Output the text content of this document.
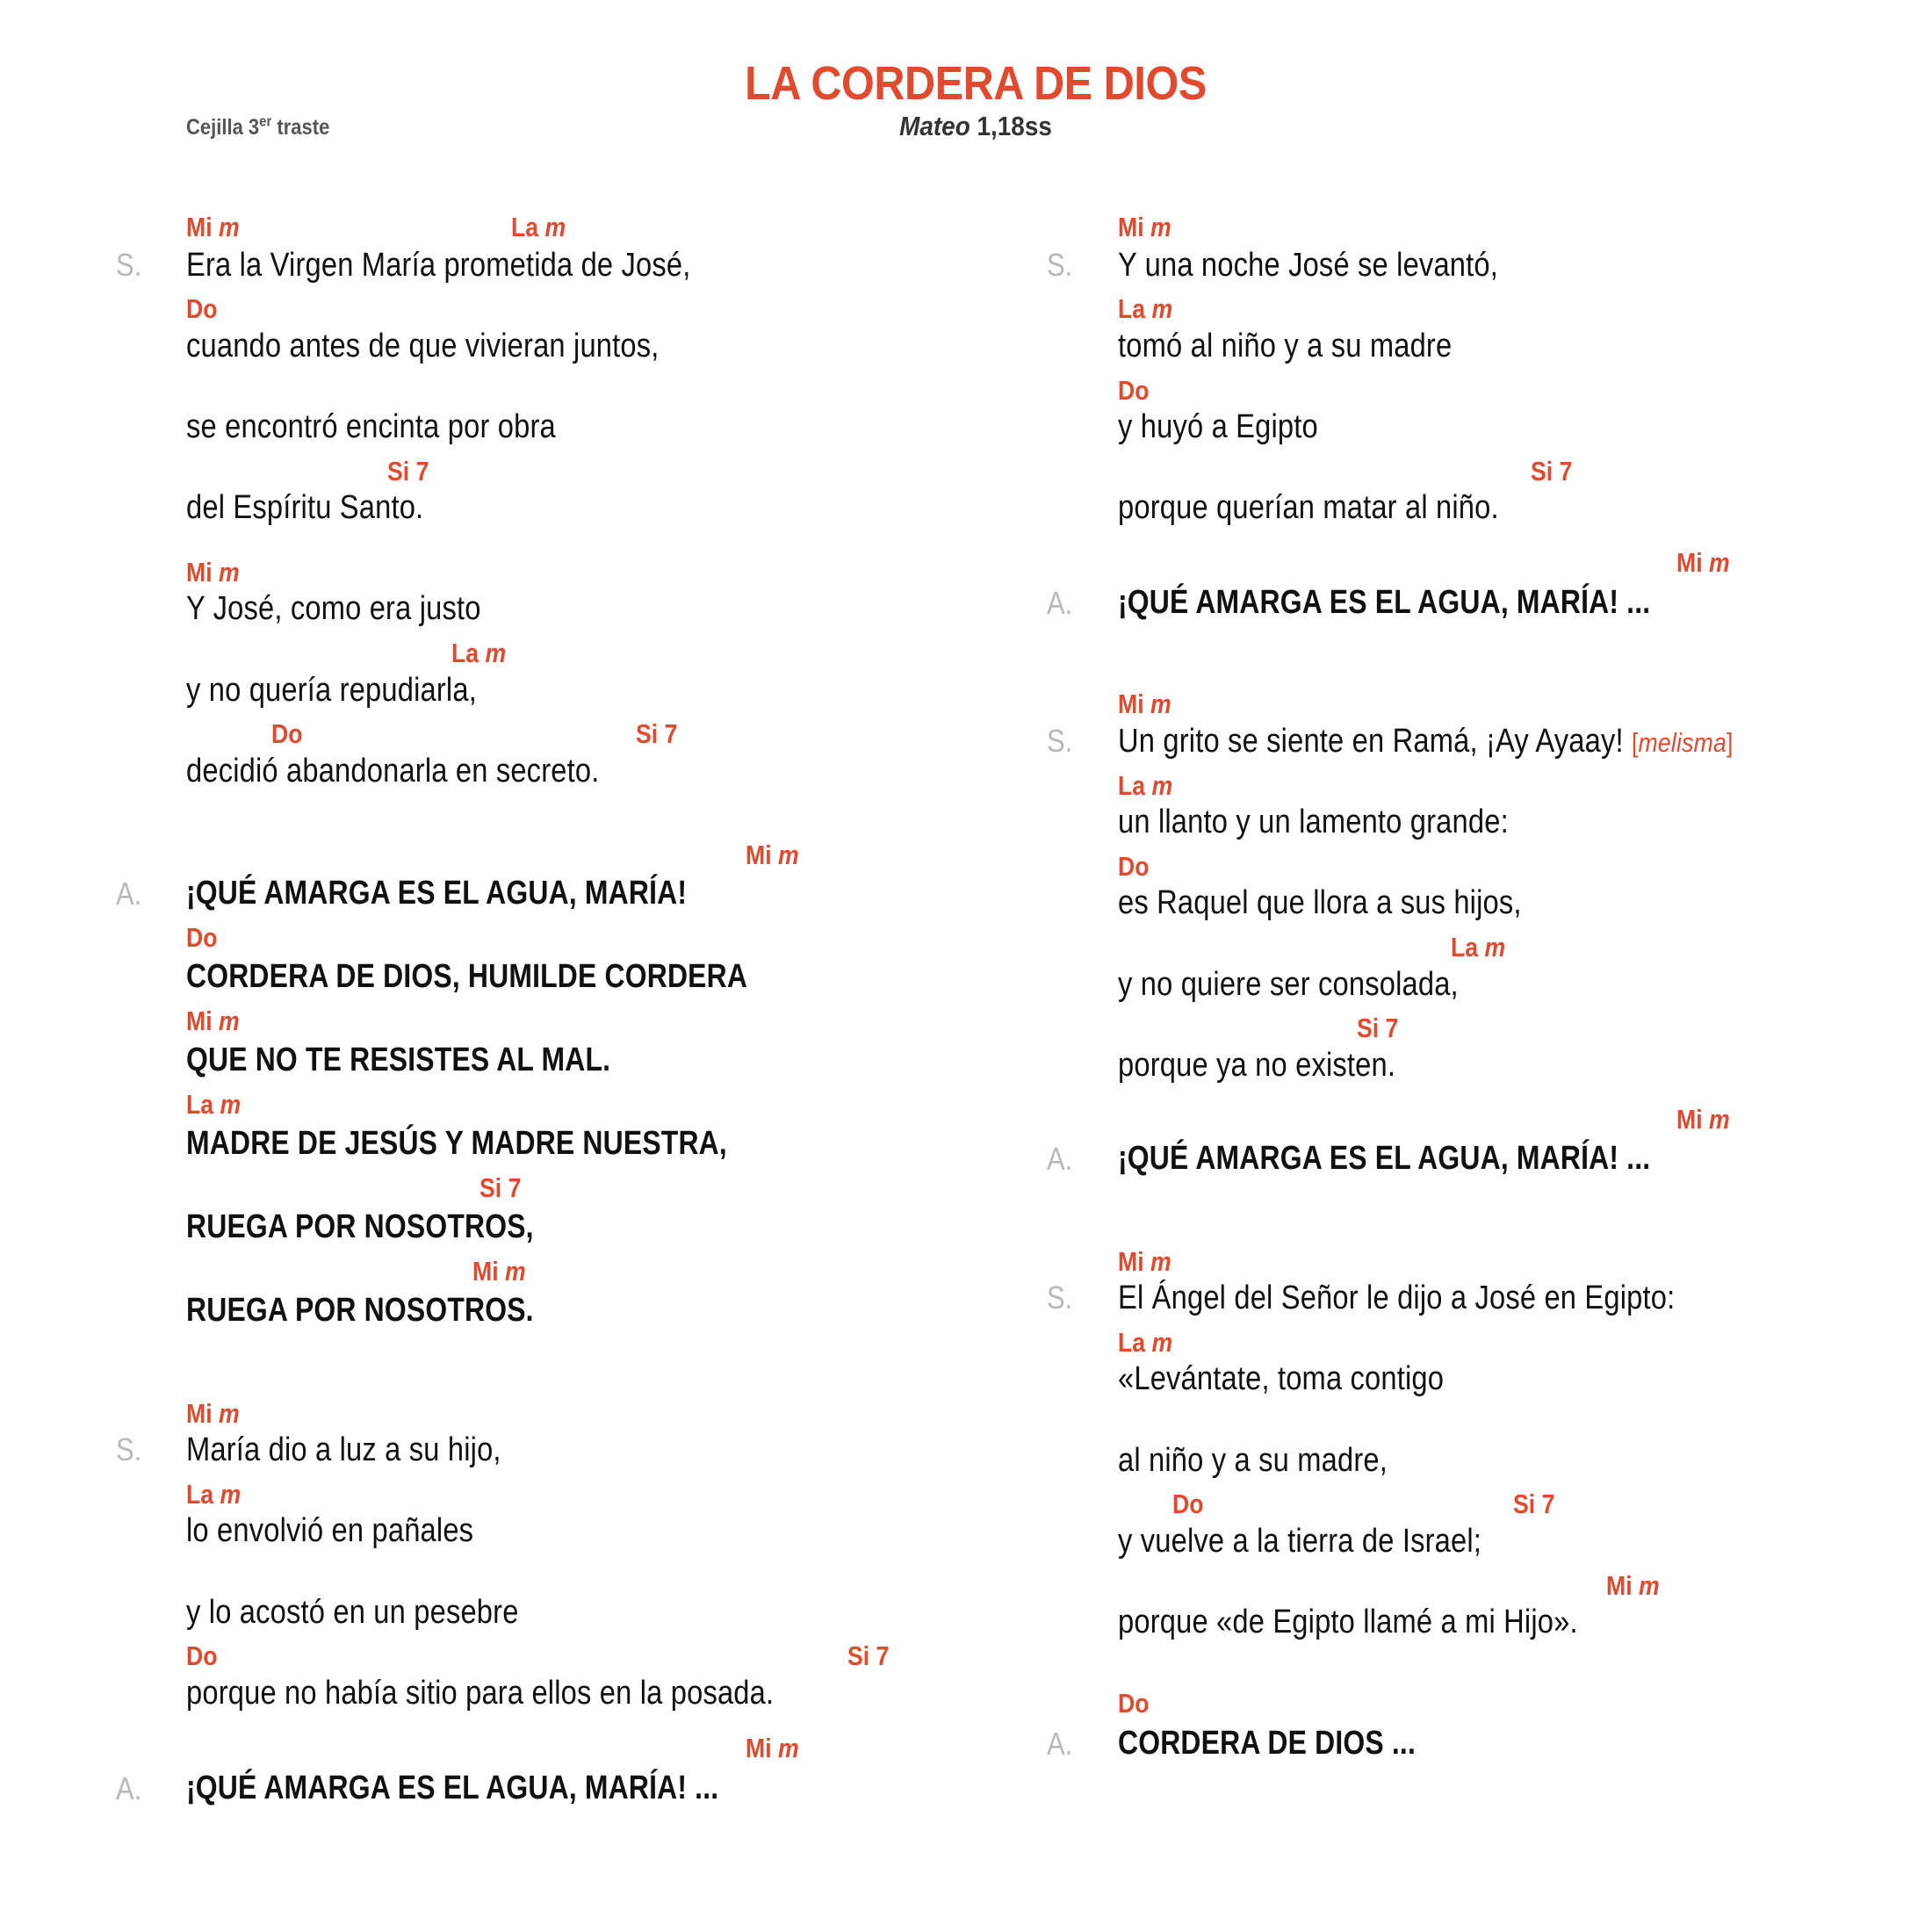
LA CORDERA DE DIOS
Mateo 1,18ss
Cejilla 3er traste
Mi m	La m
S. Era la Virgen María prometida de José,
Do
cuando antes de que vivieran juntos,
se encontró encinta por obra
Si 7
del Espíritu Santo.
Mi m
Y José, como era justo
La m
y no quería repudiarla,
Do	Si 7
decidió abandonarla en secreto.
Mi m
A. ¡QUÉ AMARGA ES EL AGUA, MARÍA!
Do
CORDERA DE DIOS, HUMILDE CORDERA
Mi m
QUE NO TE RESISTES AL MAL.
La m
MADRE DE JESÚS Y MADRE NUESTRA,
Si 7
RUEGA POR NOSOTROS,
Mi m
RUEGA POR NOSOTROS.
Mi m
S. María dio a luz a su hijo,
La m
lo envolvió en pañales
y lo acostó en un pesebre
Do	Si 7
porque no había sitio para ellos en la posada.
Mi m
A. ¡QUÉ AMARGA ES EL AGUA, MARÍA! ...
Mi m
S. Y una noche José se levantó,
La m
tomó al niño y a su madre
Do
y huyó a Egipto
Si 7
porque querían matar al niño.
Mi m
A. ¡QUÉ AMARGA ES EL AGUA, MARÍA! ...
Mi m
S. Un grito se siente en Ramá, ¡Ay Ayaay! [melisma]
La m
un llanto y un lamento grande:
Do
es Raquel que llora a sus hijos,
La m
y no quiere ser consolada,
Si 7
porque ya no existen.
Mi m
A. ¡QUÉ AMARGA ES EL AGUA, MARÍA! ...
Mi m
S. El Ángel del Señor le dijo a José en Egipto:
La m
«Levántate, toma contigo
al niño y a su madre,
Do	Si 7
y vuelve a la tierra de Israel;
Mi m
porque «de Egipto llamé a mi Hijo».
Do
A. CORDERA DE DIOS ...
